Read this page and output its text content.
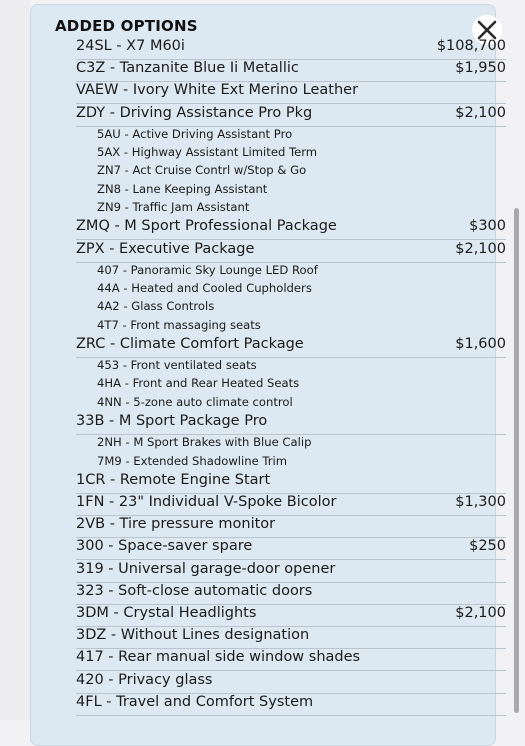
ADDED OPTIONS
24SL - X7 M60i	$108,700
C3Z - Tanzanite Blue Ii Metallic	$1,950
VAEW - Ivory White Ext Merino Leather
ZDY - Driving Assistance Pro Pkg	$2,100
5AU - Active Driving Assistant Pro
5AX - Highway Assistant Limited Term
ZN7 - Act Cruise Contrl w/Stop & Go
ZN8 - Lane Keeping Assistant
ZN9 - Traffic Jam Assistant
ZMQ - M Sport Professional Package	$300
ZPX - Executive Package	$2,100
407 - Panoramic Sky Lounge LED Roof
44A - Heated and Cooled Cupholders
4A2 - Glass Controls
4T7 - Front massaging seats
ZRC - Climate Comfort Package	$1,600
453 - Front ventilated seats
4HA - Front and Rear Heated Seats
4NN - 5-zone auto climate control
33B - M Sport Package Pro
2NH - M Sport Brakes with Blue Calip
7M9 - Extended Shadowline Trim
1CR - Remote Engine Start
1FN - 23" Individual V-Spoke Bicolor	$1,300
2VB - Tire pressure monitor
300 - Space-saver spare	$250
319 - Universal garage-door opener
323 - Soft-close automatic doors
3DM - Crystal Headlights	$2,100
3DZ - Without Lines designation
417 - Rear manual side window shades
420 - Privacy glass
4FL - Travel and Comfort System
